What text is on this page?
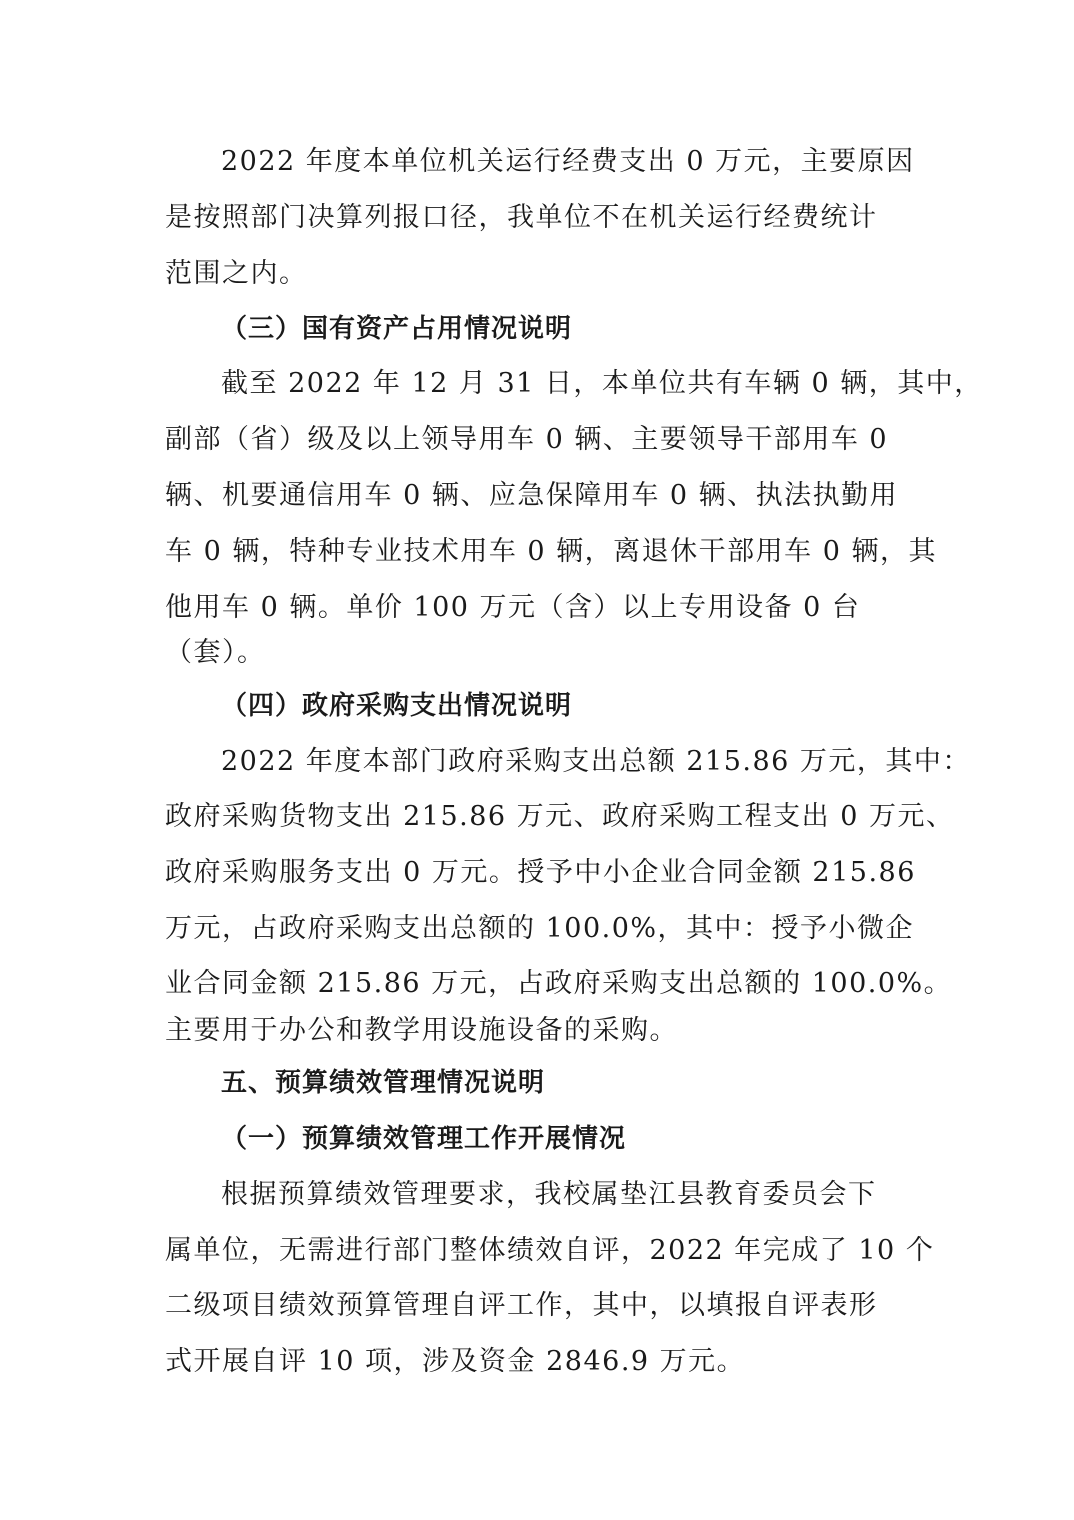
2022 年度本单位机关运行经费支出 0 万元，主要原因
是按照部门决算列报口径，我单位不在机关运行经费统计
范围之内。
（三）国有资产占用情况说明
截至 2022 年 12 月 31 日，本单位共有车辆 0 辆，其中，
副部（省）级及以上领导用车 0 辆、主要领导干部用车 0
辆、机要通信用车 0 辆、应急保障用车 0 辆、执法执勤用
车 0 辆，特种专业技术用车 0 辆，离退休干部用车 0 辆，其
他用车 0 辆。单价 100 万元（含）以上专用设备 0 台
（套）。
（四）政府采购支出情况说明
2022 年度本部门政府采购支出总额 215.86 万元，其中：
政府采购货物支出 215.86 万元、政府采购工程支出 0 万元、
政府采购服务支出 0 万元。授予中小企业合同金额 215.86
万元，占政府采购支出总额的 100.0%，其中：授予小微企
业合同金额 215.86 万元，占政府采购支出总额的 100.0%。
主要用于办公和教学用设施设备的采购。
五、预算绩效管理情况说明
（一）预算绩效管理工作开展情况
根据预算绩效管理要求，我校属垫江县教育委员会下
属单位，无需进行部门整体绩效自评，2022 年完成了 10 个
二级项目绩效预算管理自评工作，其中，以填报自评表形
式开展自评 10 项，涉及资金 2846.9 万元。
